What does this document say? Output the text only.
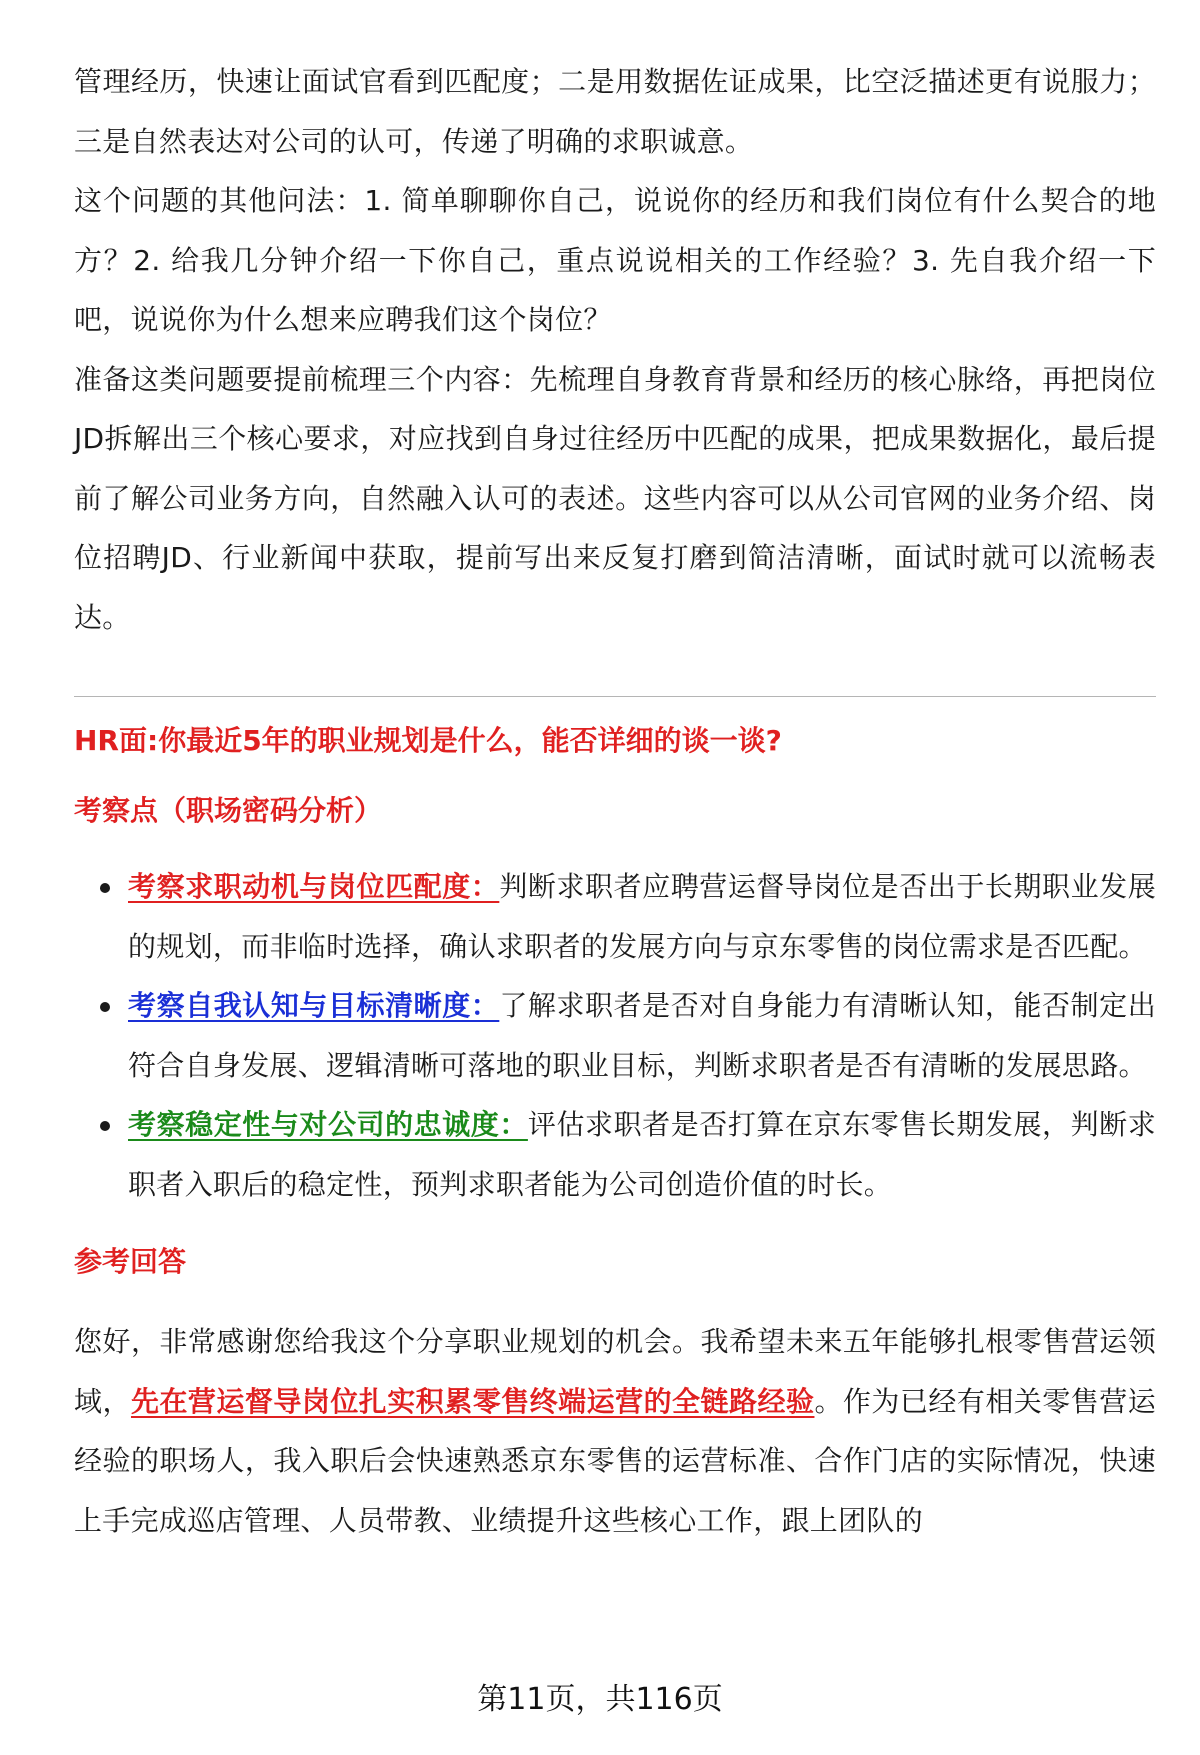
管理经历，快速让面试官看到匹配度；二是用数据佐证成果，比空泛描述更有说服力；三是自然表达对公司的认可，传递了明确的求职诚意。

这个问题的其他问法：1. 简单聊聊你自己，说说你的经历和我们岗位有什么契合的地方？2. 给我几分钟介绍一下你自己，重点说说相关的工作经验？3. 先自我介绍一下吧，说说你为什么想来应聘我们这个岗位？

准备这类问题要提前梳理三个内容：先梳理自身教育背景和经历的核心脉络，再把岗位JD拆解出三个核心要求，对应找到自身过往经历中匹配的成果，把成果数据化，最后提前了解公司业务方向，自然融入认可的表述。这些内容可以从公司官网的业务介绍、岗位招聘JD、行业新闻中获取，提前写出来反复打磨到简洁清晰，面试时就可以流畅表达。

HR面:你最近5年的职业规划是什么，能否详细的谈一谈?
考察点（职场密码分析）
考察求职动机与岗位匹配度：判断求职者应聘营运督导岗位是否出于长期职业发展的规划，而非临时选择，确认求职者的发展方向与京东零售的岗位需求是否匹配。
考察自我认知与目标清晰度：了解求职者是否对自身能力有清晰认知，能否制定出符合自身发展、逻辑清晰可落地的职业目标，判断求职者是否有清晰的发展思路。
考察稳定性与对公司的忠诚度：评估求职者是否打算在京东零售长期发展，判断求职者入职后的稳定性，预判求职者能为公司创造价值的时长。
参考回答

您好，非常感谢您给我这个分享职业规划的机会。我希望未来五年能够扎根零售营运领域，先在营运督导岗位扎实积累零售终端运营的全链路经验。作为已经有相关零售营运经验的职场人，我入职后会快速熟悉京东零售的运营标准、合作门店的实际情况，快速上手完成巡店管理、人员带教、业绩提升这些核心工作，跟上团队的

第11页，共116页
